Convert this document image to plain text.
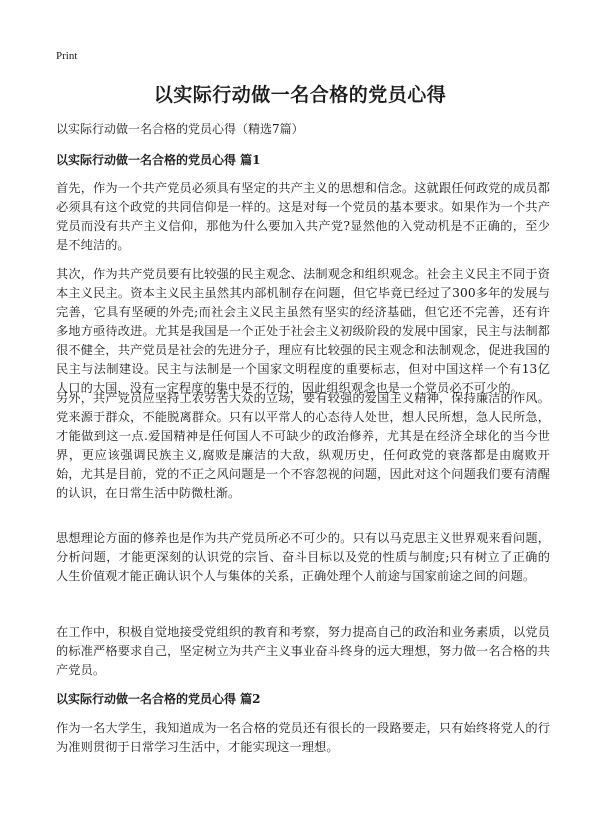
Print
以实际行动做一名合格的党员心得

以实际行动做一名合格的党员心得（精选7篇）

以实际行动做一名合格的党员心得 篇1

首先，作为一个共产党员必须具有坚定的共产主义的思想和信念。这就跟任何政党的成员都必须具有这个政党的共同信仰是一样的。这是对每一个党员的基本要求。如果作为一个共产党员而没有共产主义信仰，那他为什么要加入共产党?显然他的入党动机是不正确的，至少是不纯洁的。

其次，作为共产党员要有比较强的民主观念、法制观念和组织观念。社会主义民主不同于资本主义民主。资本主义民主虽然其内部机制存在问题，但它毕竟已经过了300多年的发展与完善，它具有坚硬的外壳;而社会主义民主虽然有坚实的经济基础，但它还不完善，还有许多地方亟待改进。尤其是我国是一个正处于社会主义初级阶段的发展中国家，民主与法制都很不健全，共产党员是社会的先进分子，理应有比较强的民主观念和法制观念，促进我国的民主与法制建设。民主与法制是一个国家文明程度的重要标志，但对中国这样一个有13亿人口的大国，没有一定程度的集中是不行的，因此组织观念也是一个党员必不可少的。

另外，共产党员应坚持工农劳苦大众的立场，要有较强的爱国主义精神，保持廉洁的作风。党来源于群众，不能脱离群众。只有以平常人的心态待人处世，想人民所想，急人民所急，才能做到这一点.爱国精神是任何国人不可缺少的政治修养，尤其是在经济全球化的当今世界，更应该强调民族主义,腐败是廉洁的大敌，纵观历史，任何政党的衰落都是由腐败开始，尤其是目前，党的不正之风问题是一个不容忽视的问题，因此对这个问题我们要有清醒的认识，在日常生活中防微杜渐。

思想理论方面的修养也是作为共产党员所必不可少的。只有以马克思主义世界观来看问题，分析问题，才能更深刻的认识党的宗旨、奋斗目标以及党的性质与制度;只有树立了正确的人生价值观才能正确认识个人与集体的关系，正确处理个人前途与国家前途之间的问题。

在工作中，积极自觉地接受党组织的教育和考察，努力提高自己的政治和业务素质，以党员的标准严格要求自己，坚定树立为共产主义事业奋斗终身的远大理想，努力做一名合格的共产党员。

以实际行动做一名合格的党员心得 篇2

作为一名大学生，我知道成为一名合格的党员还有很长的一段路要走，只有始终将党人的行为准则贯彻于日常学习生活中，才能实现这一理想。
